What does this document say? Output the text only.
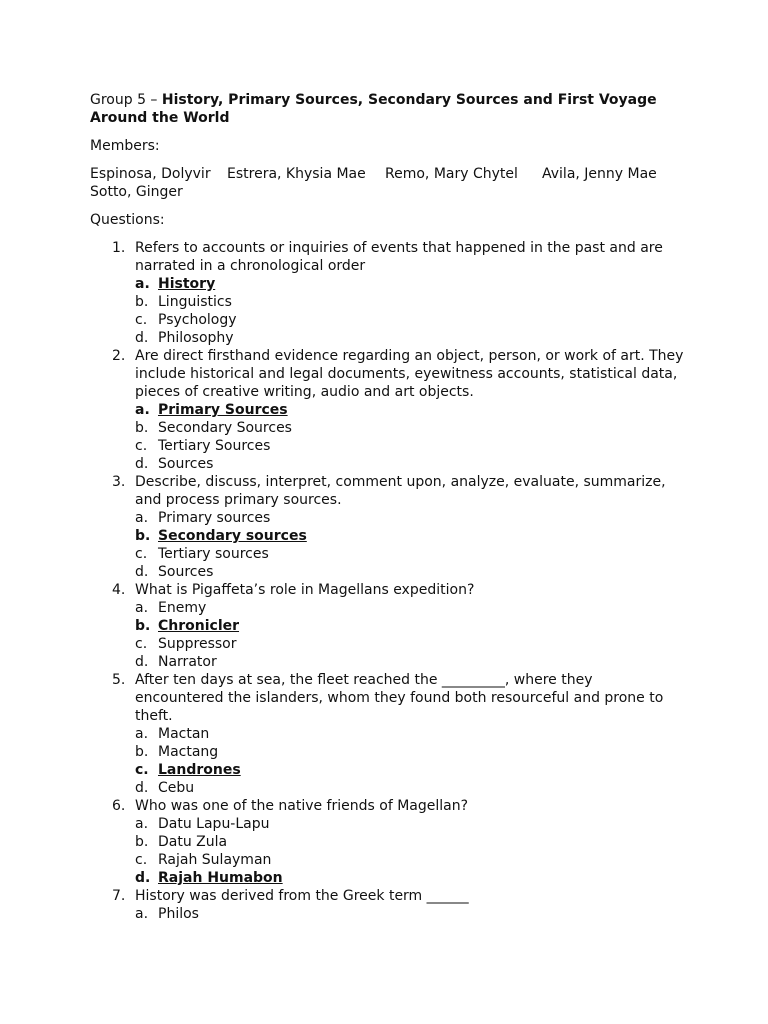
Group 5 – History, Primary Sources, Secondary Sources and First Voyage
Around the World
Members:
Espinosa, Dolyvir	Estrera, Khysia Mae	Remo, Mary Chytel	Avila, Jenny Mae
Sotto, Ginger
Questions:
1. Refers to accounts or inquiries of events that happened in the past and are
narrated in a chronological order
a. History
b. Linguistics
c. Psychology
d. Philosophy
2. Are direct firsthand evidence regarding an object, person, or work of art. They
include historical and legal documents, eyewitness accounts, statistical data,
pieces of creative writing, audio and art objects.
a. Primary Sources
b. Secondary Sources
c. Tertiary Sources
d. Sources
3. Describe, discuss, interpret, comment upon, analyze, evaluate, summarize,
and process primary sources.
a. Primary sources
b. Secondary sources
c. Tertiary sources
d. Sources
4. What is Pigaffeta’s role in Magellans expedition?
a. Enemy
b. Chronicler
c. Suppressor
d. Narrator
5. After ten days at sea, the fleet reached the _________, where they
encountered the islanders, whom they found both resourceful and prone to
theft.
a. Mactan
b. Mactang
c. Landrones
d. Cebu
6. Who was one of the native friends of Magellan?
a. Datu Lapu-Lapu
b. Datu Zula
c. Rajah Sulayman
d. Rajah Humabon
7. History was derived from the Greek term ______
a. Philos
